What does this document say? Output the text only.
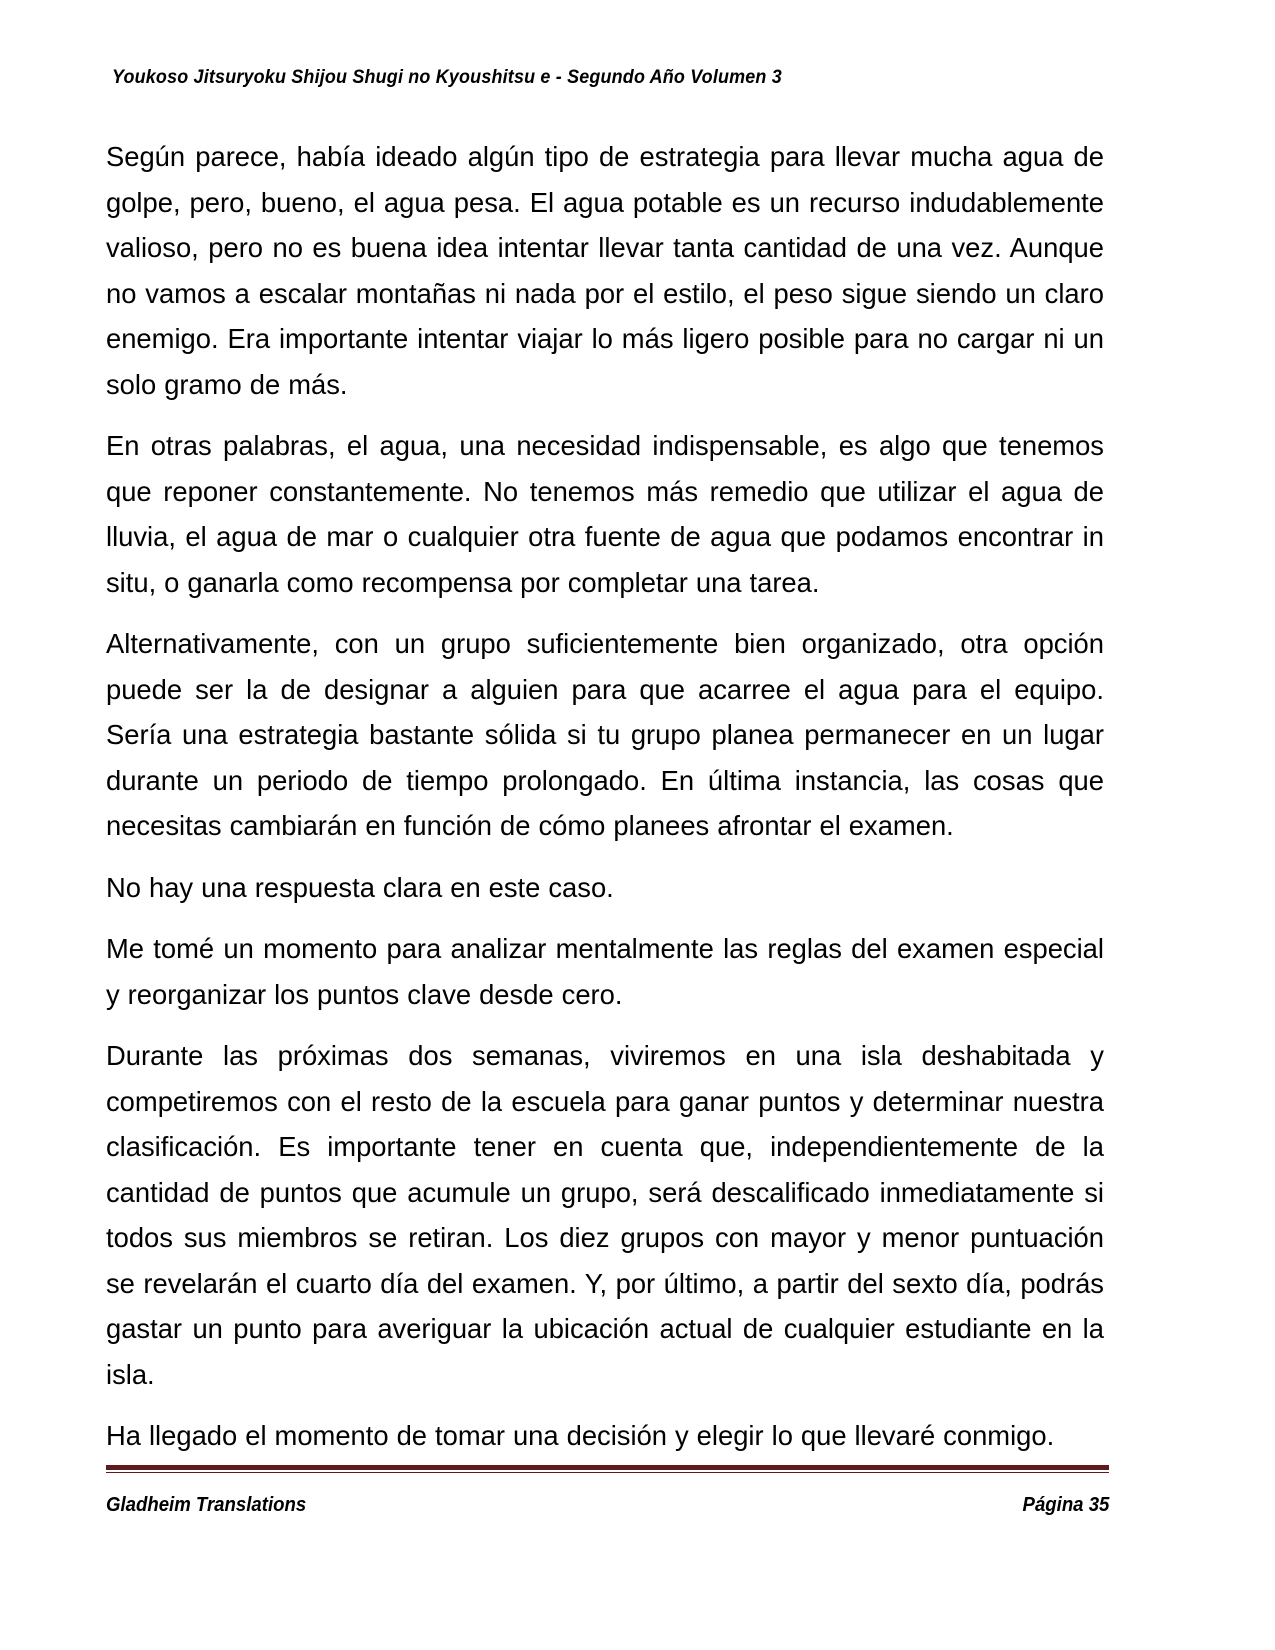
Youkoso Jitsuryoku Shijou Shugi no Kyoushitsu e - Segundo Año Volumen 3

Según parece, había ideado algún tipo de estrategia para llevar mucha agua de golpe, pero, bueno, el agua pesa. El agua potable es un recurso indudablemente valioso, pero no es buena idea intentar llevar tanta cantidad de una vez. Aunque no vamos a escalar montañas ni nada por el estilo, el peso sigue siendo un claro enemigo. Era importante intentar viajar lo más ligero posible para no cargar ni un solo gramo de más.

En otras palabras, el agua, una necesidad indispensable, es algo que tenemos que reponer constantemente. No tenemos más remedio que utilizar el agua de lluvia, el agua de mar o cualquier otra fuente de agua que podamos encontrar in situ, o ganarla como recompensa por completar una tarea.

Alternativamente, con un grupo suficientemente bien organizado, otra opción puede ser la de designar a alguien para que acarree el agua para el equipo. Sería una estrategia bastante sólida si tu grupo planea permanecer en un lugar durante un periodo de tiempo prolongado. En última instancia, las cosas que necesitas cambiarán en función de cómo planees afrontar el examen.

No hay una respuesta clara en este caso.

Me tomé un momento para analizar mentalmente las reglas del examen especial y reorganizar los puntos clave desde cero.

Durante las próximas dos semanas, viviremos en una isla deshabitada y competiremos con el resto de la escuela para ganar puntos y determinar nuestra clasificación. Es importante tener en cuenta que, independientemente de la cantidad de puntos que acumule un grupo, será descalificado inmediatamente si todos sus miembros se retiran. Los diez grupos con mayor y menor puntuación se revelarán el cuarto día del examen. Y, por último, a partir del sexto día, podrás gastar un punto para averiguar la ubicación actual de cualquier estudiante en la isla.

Ha llegado el momento de tomar una decisión y elegir lo que llevaré conmigo.

Gladheim Translations	Página 35
